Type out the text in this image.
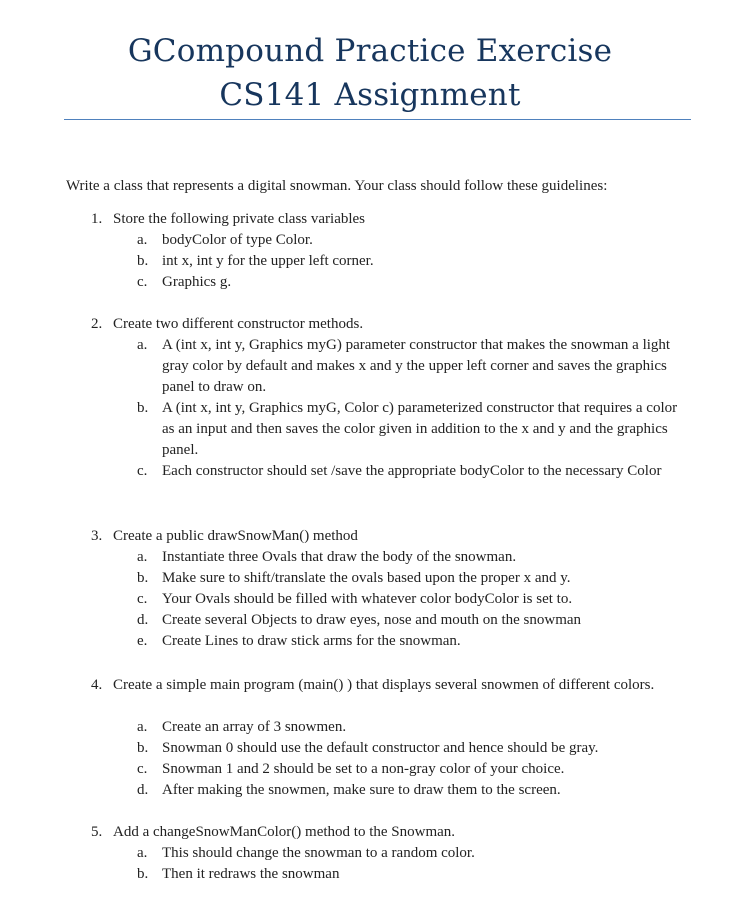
GCompound Practice Exercise
CS141 Assignment
Write a class that represents a digital snowman. Your class should follow these guidelines:
1. Store the following private class variables
a. bodyColor of type Color.
b. int x, int y for the upper left corner.
c. Graphics g.
2. Create two different constructor methods.
a. A (int x, int y, Graphics myG) parameter constructor that makes the snowman a light gray color by default and makes x and y the upper left corner and saves the graphics panel to draw on.
b. A (int x, int y, Graphics myG, Color c) parameterized constructor that requires a color as an input and then saves the color given in addition to the x and y and the graphics panel.
c. Each constructor should set /save the appropriate bodyColor to the necessary Color
3. Create a public drawSnowMan() method
a. Instantiate three Ovals that draw the body of the snowman.
b. Make sure to shift/translate the ovals based upon the proper x and y.
c. Your Ovals should be filled with whatever color bodyColor is set to.
d. Create several Objects to draw eyes, nose and mouth on the snowman
e. Create Lines to draw stick arms for the snowman.
4. Create a simple main program (main() ) that displays several snowmen of different colors.
a. Create an array of 3 snowmen.
b. Snowman 0 should use the default constructor and hence should be gray.
c. Snowman 1 and 2 should be set to a non-gray color of your choice.
d. After making the snowmen, make sure to draw them to the screen.
5. Add a changeSnowManColor() method to the Snowman.
a. This should change the snowman to a random color.
b. Then it redraws the snowman
